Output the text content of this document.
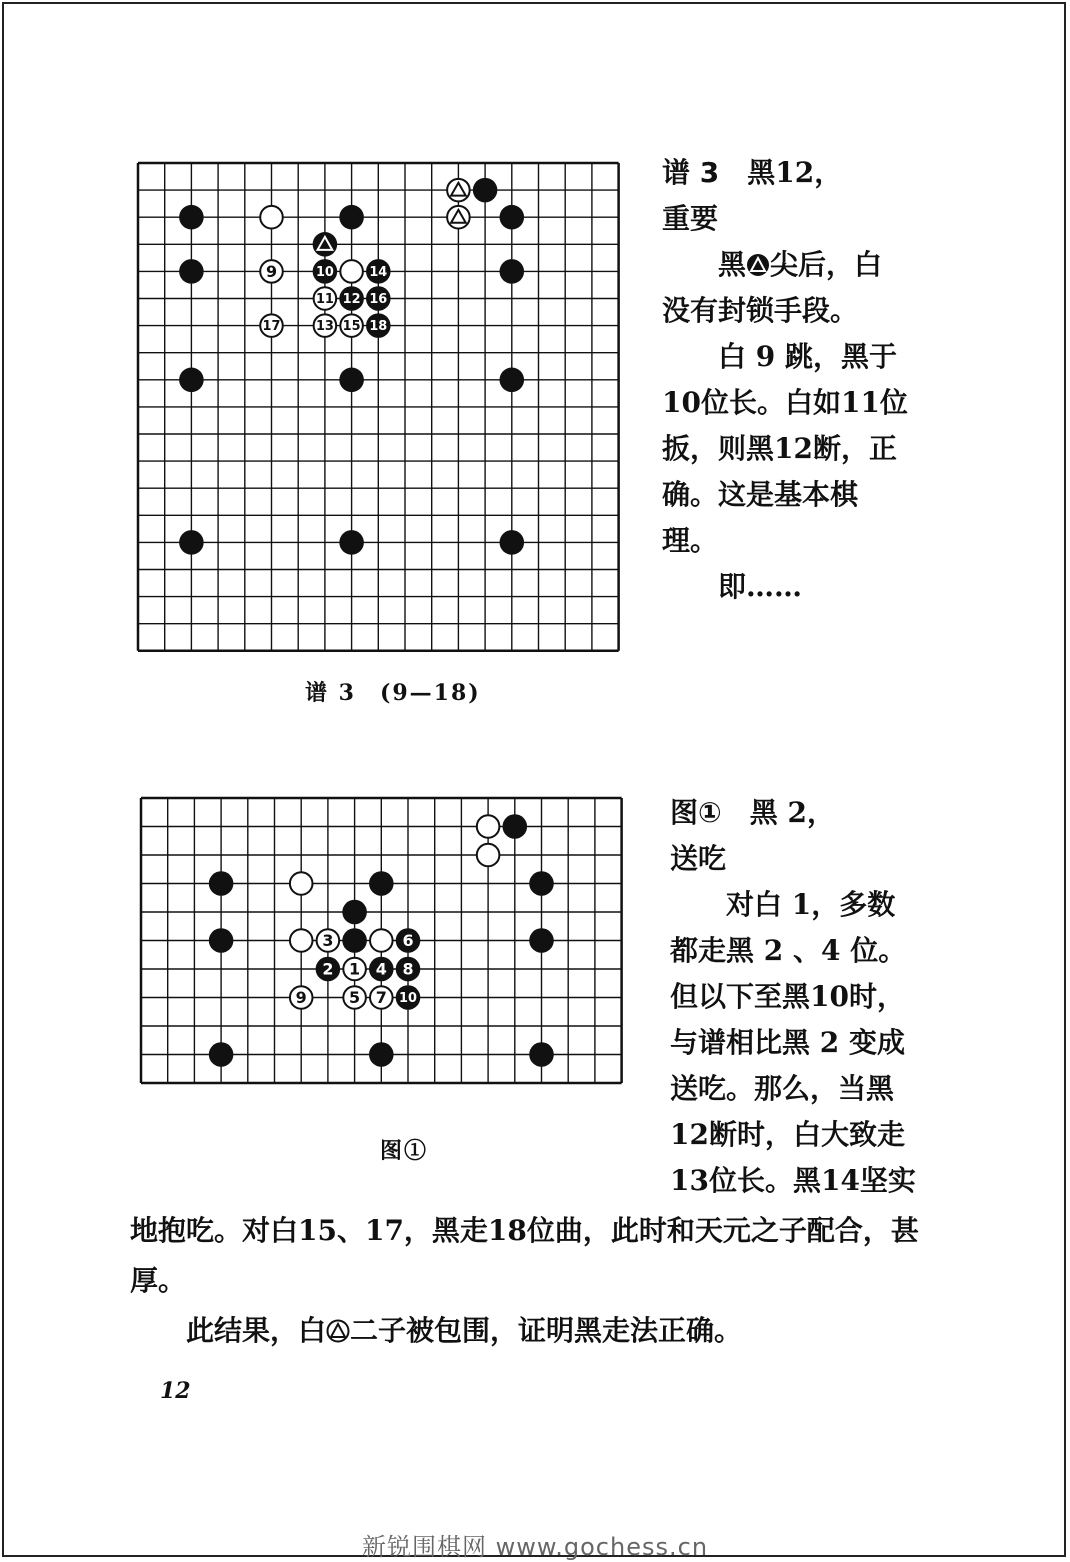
9
17
11
13 15
10	14
12 16
18
谱 3　(9—18)

谱 3　 黑12，

重要

黑 尖后，白

没有封锁手段。

白 9 跳，黑于10位长。白如11位扳，则黑12断，正确。这是基本棋理。

即……

3
1
9	5 7
6
2	4 8
10
图①

图①　 黑 2，

送吃

对白 1，多数都走黑 2 、4 位。但以下至黑10时，与谱相比黑 2 变成送吃。那么，当黑12断时，白大致走13位长。黑14坚实

地抱吃。对白15、17，黑走18位曲，此时和天元之子配合，甚厚。

此结果，白 二子被包围，证明黑走法正确。

12
新锐围棋网 www.gochess.cn
